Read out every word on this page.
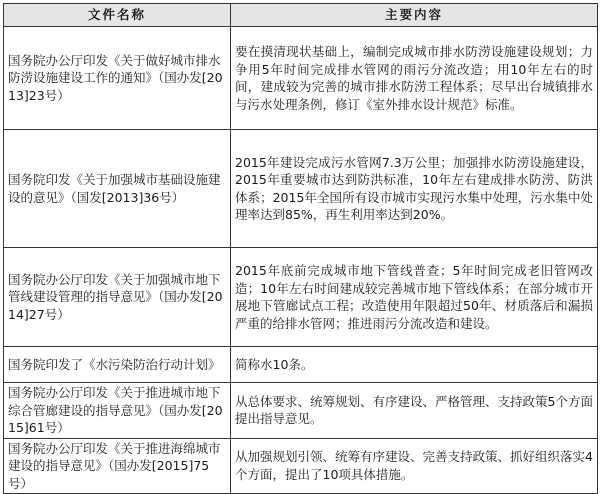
文件名称	主要内容
国务院办公厅印发《关于做好城市排水防涝设施建设工作的通知》（国办发[2013]23号）	要在摸清现状基础上，编制完成城市排水防涝设施建设规划；力争用5年时间完成排水管网的雨污分流改造；用10年左右的时间，建成较为完善的城市排水防涝工程体系；尽早出台城镇排水与污水处理条例，修订《室外排水设计规范》标准。
国务院印发《关于加强城市基础设施建设的意见》（国发[2013]36号）	2015年建设完成污水管网7.3万公里；加强排水防涝设施建设，2015年重要城市达到防洪标准，10年左右建成排水防涝、防洪体系；2015年全国所有设市城市实现污水集中处理，污水集中处理率达到85%，再生利用率达到20%。
国务院办公厅印发《关于加强城市地下管线建设管理的指导意见》（国办发[2014]27号）	2015年底前完成城市地下管线普查；5年时间完成老旧管网改造；10年左右时间建成较完善城市地下管线体系；在部分城市开展地下管廊试点工程；改造使用年限超过50年、材质落后和漏损严重的给排水管网；推进雨污分流改造和建设。
国务院印发了《水污染防治行动计划》	简称水10条。
国务院办公厅印发《关于推进城市地下综合管廊建设的指导意见》（国办发[2015]61号）	从总体要求、统筹规划、有序建设、严格管理、支持政策5个方面提出指导意见。
国务院办公厅印发《关于推进海绵城市建设的指导意见》（国办发[2015]75号）	从加强规划引领、统筹有序建设、完善支持政策、抓好组织落实4个方面，提出了10项具体措施。
